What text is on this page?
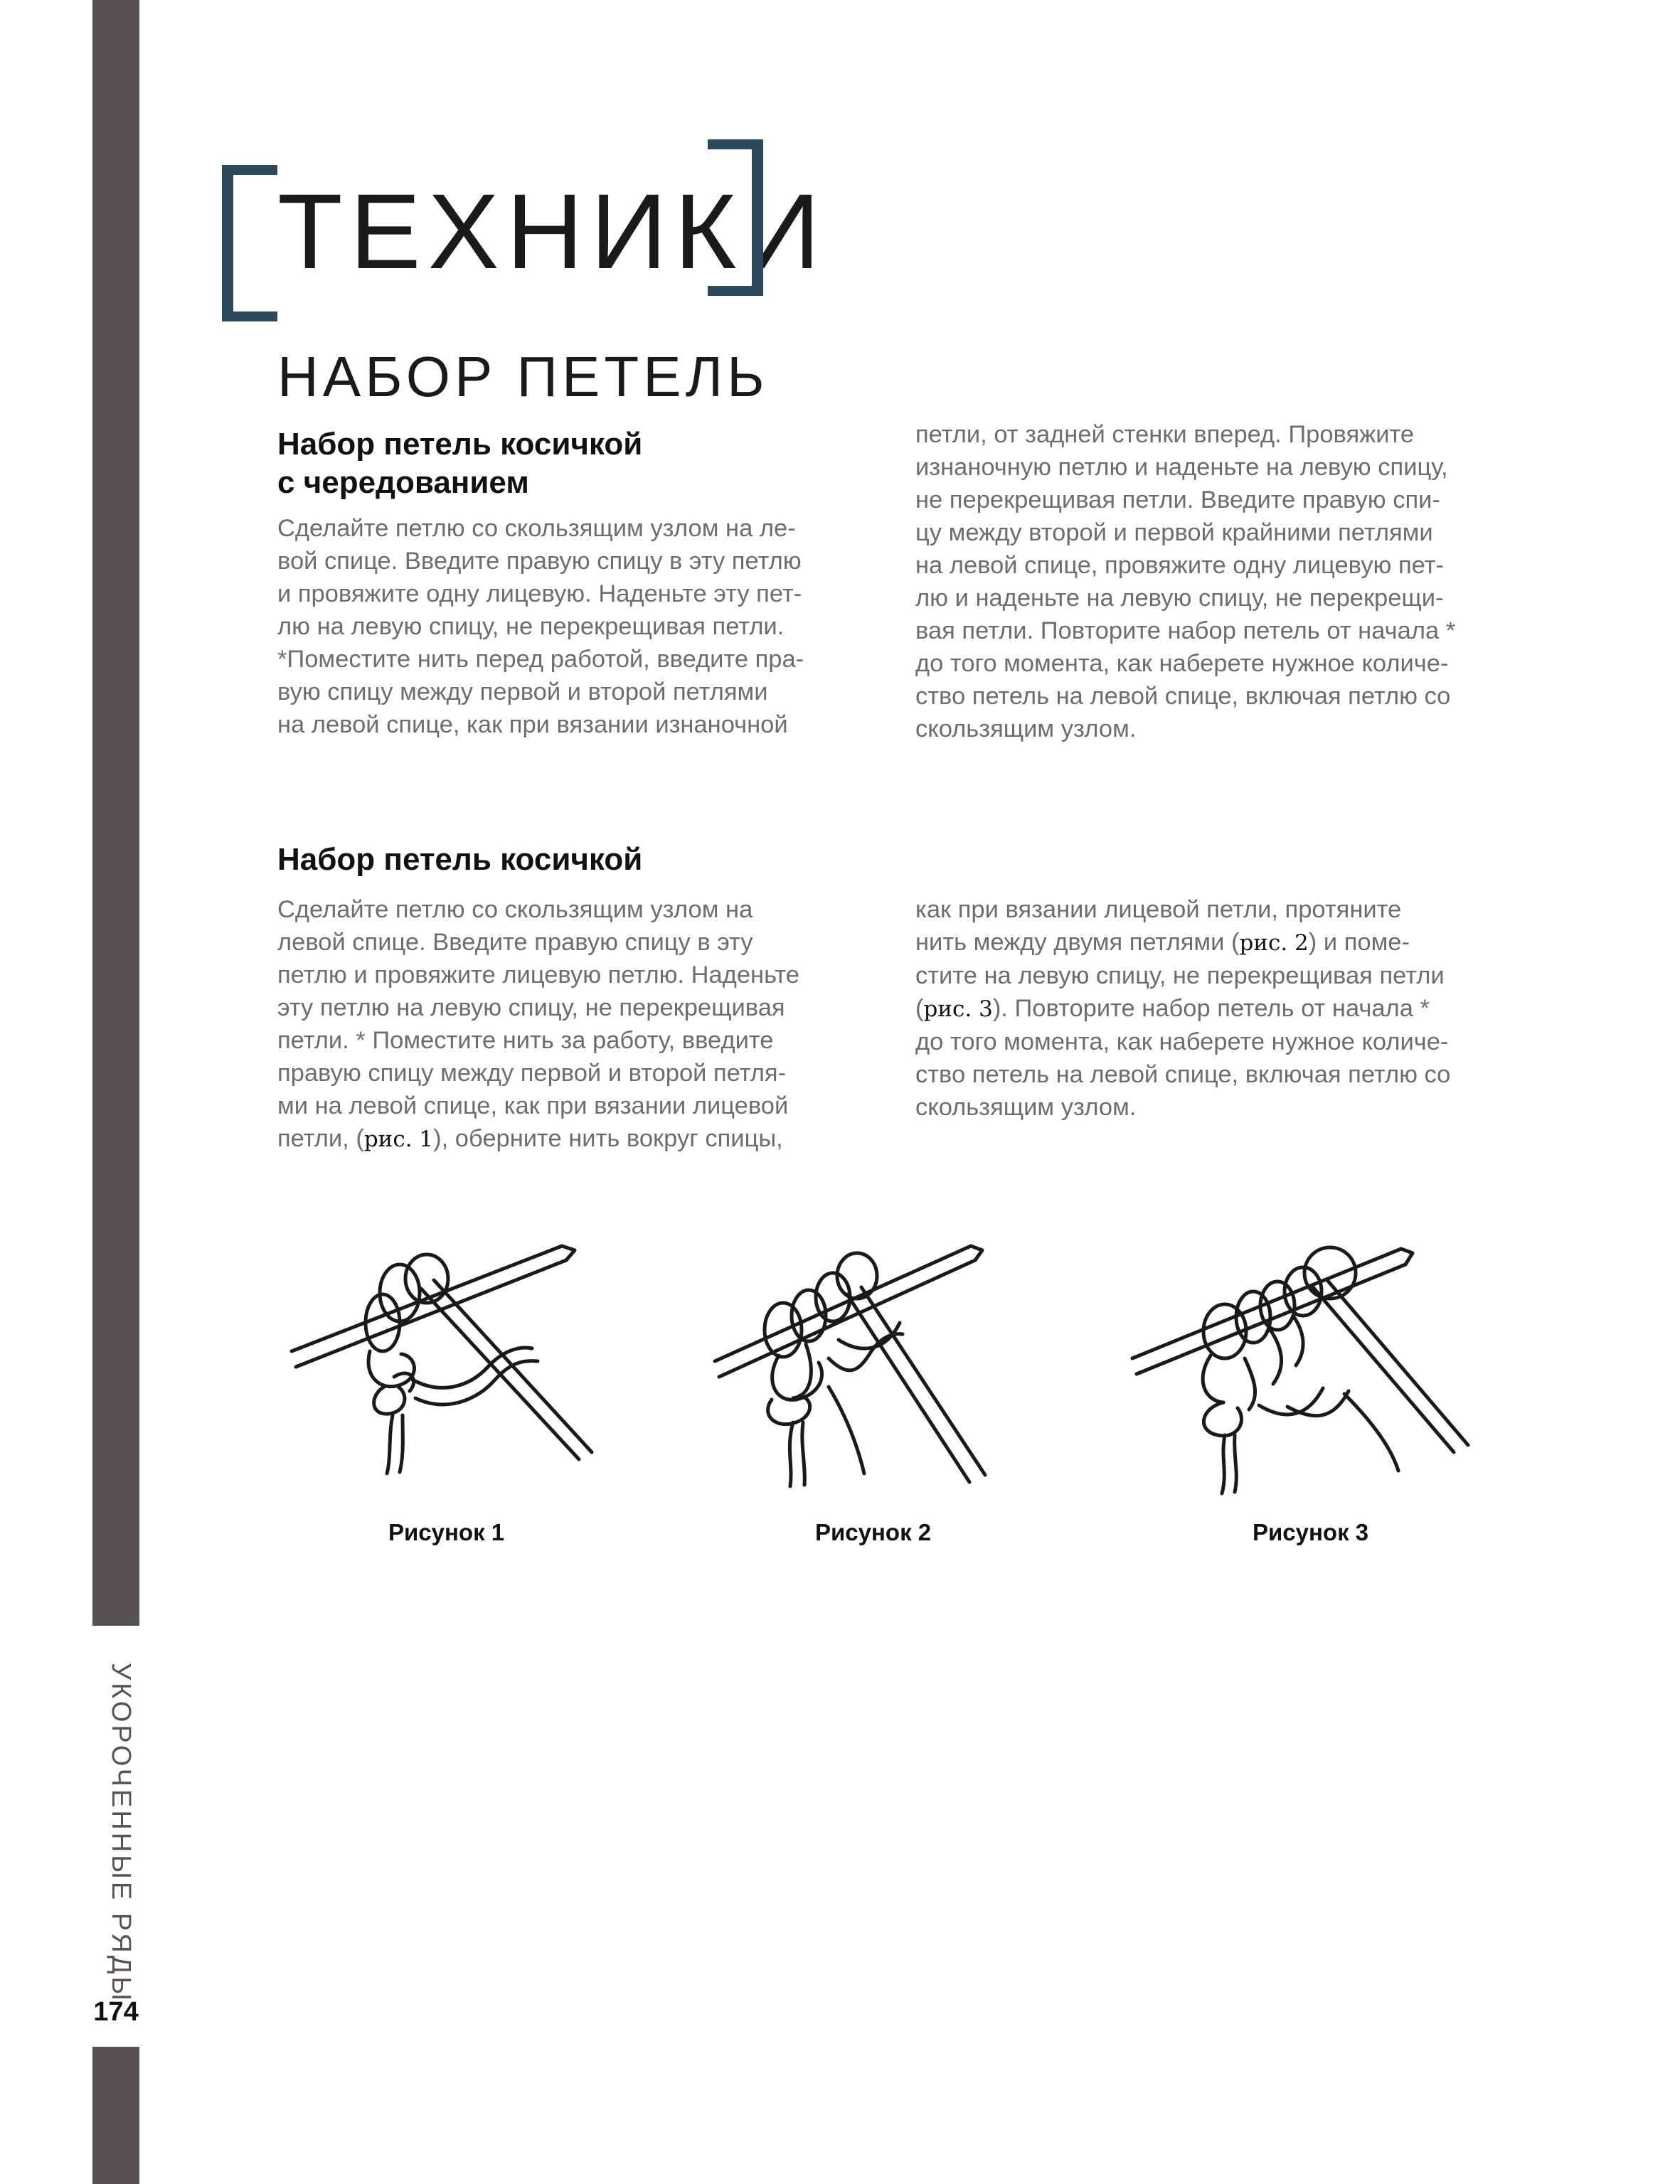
УКОРОЧЕННЫЕ РЯДЫ
174
ТЕХНИКИ
НАБОР ПЕТЕЛЬ
Набор петель косичкой
с чередованием

Сделайте петлю со скользящим узлом на ле-

вой спице. Введите правую спицу в эту петлю

и провяжите одну лицевую. Наденьте эту пет-

лю на левую спицу, не перекрещивая петли.

*Поместите нить перед работой, введите пра-

вую спицу между первой и второй петлями

на левой спице, как при вязании изнаночной

петли, от задней стенки вперед. Провяжите

изнаночную петлю и наденьте на левую спицу,

не перекрещивая петли. Введите правую спи-

цу между второй и первой крайними петлями

на левой спице, провяжите одну лицевую пет-

лю и наденьте на левую спицу, не перекрещи-

вая петли. Повторите набор петель от начала *

до того момента, как наберете нужное количе-

ство петель на левой спице, включая петлю со

скользящим узлом.

Набор петель косичкой

Сделайте петлю со скользящим узлом на

левой спице. Введите правую спицу в эту

петлю и провяжите лицевую петлю. Наденьте

эту петлю на левую спицу, не перекрещивая

петли. * Поместите нить за работу, введите

правую спицу между первой и второй петля-

ми на левой спице, как при вязании лицевой

петли, (рис. 1), оберните нить вокруг спицы,

как при вязании лицевой петли, протяните

нить между двумя петлями (рис. 2) и поме-

стите на левую спицу, не перекрещивая петли

(рис. 3). Повторите набор петель от начала *

до того момента, как наберете нужное количе-

ство петель на левой спице, включая петлю со

скользящим узлом.

Рисунок 1	Рисунок 2	Рисунок 3
